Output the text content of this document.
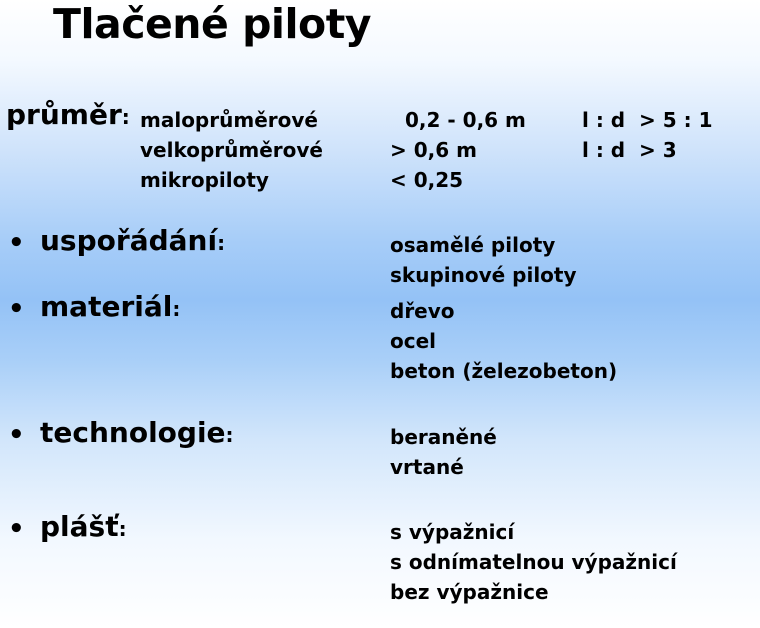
Tlačené piloty
průměr: maloprůměrové	0,2 - 0,6 m	l : d  > 5 : 1
velkoprůměrové	> 0,6 m	l : d  > 3
mikropiloty	< 0,25
• uspořádání:	osamělé piloty
skupinové piloty
• materiál:	dřevo
ocel
beton (železobeton)
• technologie:	beraněné
vrtané
• plášť:	s výpažnicí
s odnímatelnou výpažnicí
bez výpažnice
